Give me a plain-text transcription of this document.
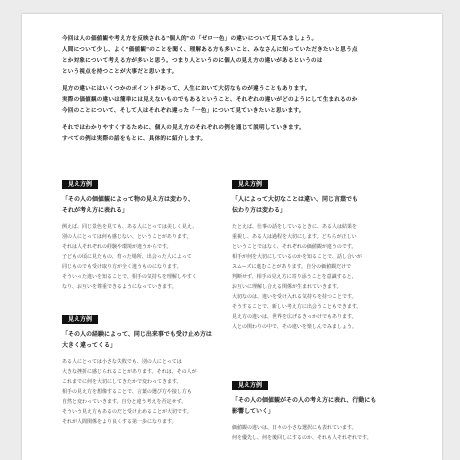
今回は人の価値観や考え方を反映される"個人的"の「ゼロ一色」の違いについて見てみましょう。
人間について少し、よく"価値観"のことを聞く、理解ある方も多いこと、みなさんに知っていただきたいと思う点
とか対象について考える方が多いと思う。つまり人というのに個人の見え方の違いがあるというのは
という視点を持つことが大事だと思います。

見方の違いにはいくつかのポイントがあって、人生において大切なものが違うこともあります。
実際の価値観の違いは簡単には見えないものでもあるということ、それぞれの違いがどのようにして生まれるのか
今回のことについて、そして人はそれぞれ違った「一色」について見ていきたいと思います。

それではわかりやすくするために、個人の見え方のそれぞれの例を通じて説明していきます。
すべての例は実際の話をもとに、具体的に紹介します。

見え方例
「その人の価値観によって物の見え方は変わり、
それが考え方に表れる」
例えば、同じ景色を見ても、ある人にとっては美しく見え、
別の人にとっては何も感じない、ということがあります。
それは人それぞれの経験や環境が違うからです。
子どもの頃に見たもの、育った場所、出会った人によって
同じものでも受け取り方が全く違うものになります。
そういった違いを知ることで、相手の気持ちを理解しやすく
なり、お互いを尊重できるようになっていきます。
見え方例
「その人の経験によって、同じ出来事でも受け止め方は
大きく違ってくる」
ある人にとっては小さな失敗でも、別の人にとっては
大きな挫折に感じられることがあります。それは、その人が
これまでに何を大切にしてきたかで変わってきます。
相手の見え方を想像することで、言葉の選び方や接し方も
自然と変わっていきます。自分と違う考えを否定せず、
そういう見え方もあるのだと受け止めることが大切です。
それが人間関係をより良くする第一歩になります。
見え方例
「人によって大切なことは違い、同じ言葉でも
伝わり方は変わる」
たとえば、仕事の話をしているときに、ある人は結果を
重視し、ある人は過程を大切にします。どちらが正しい
ということではなく、それぞれの価値観が違うのです。
相手が何を大切にしているのかを知ることで、話し合いが
スムーズに進むことがあります。自分の価値観だけで
判断せず、相手の見え方に寄り添うことを意識すると、
お互いに理解し合える関係が生まれていきます。
大切なのは、違いを受け入れる気持ちを持つことです。
そうすることで、新しい考え方に出会うこともできます。
見え方の違いは、世界を広げるきっかけでもあります。
人との関わりの中で、その違いを楽しんでみましょう。
見え方例
「その人の価値観がその人の考え方に表れ、行動にも
影響していく」
価値観の違いは、日々の小さな選択にも表れています。
何を優先し、何を後回しにするのか、それも人それぞれです。
